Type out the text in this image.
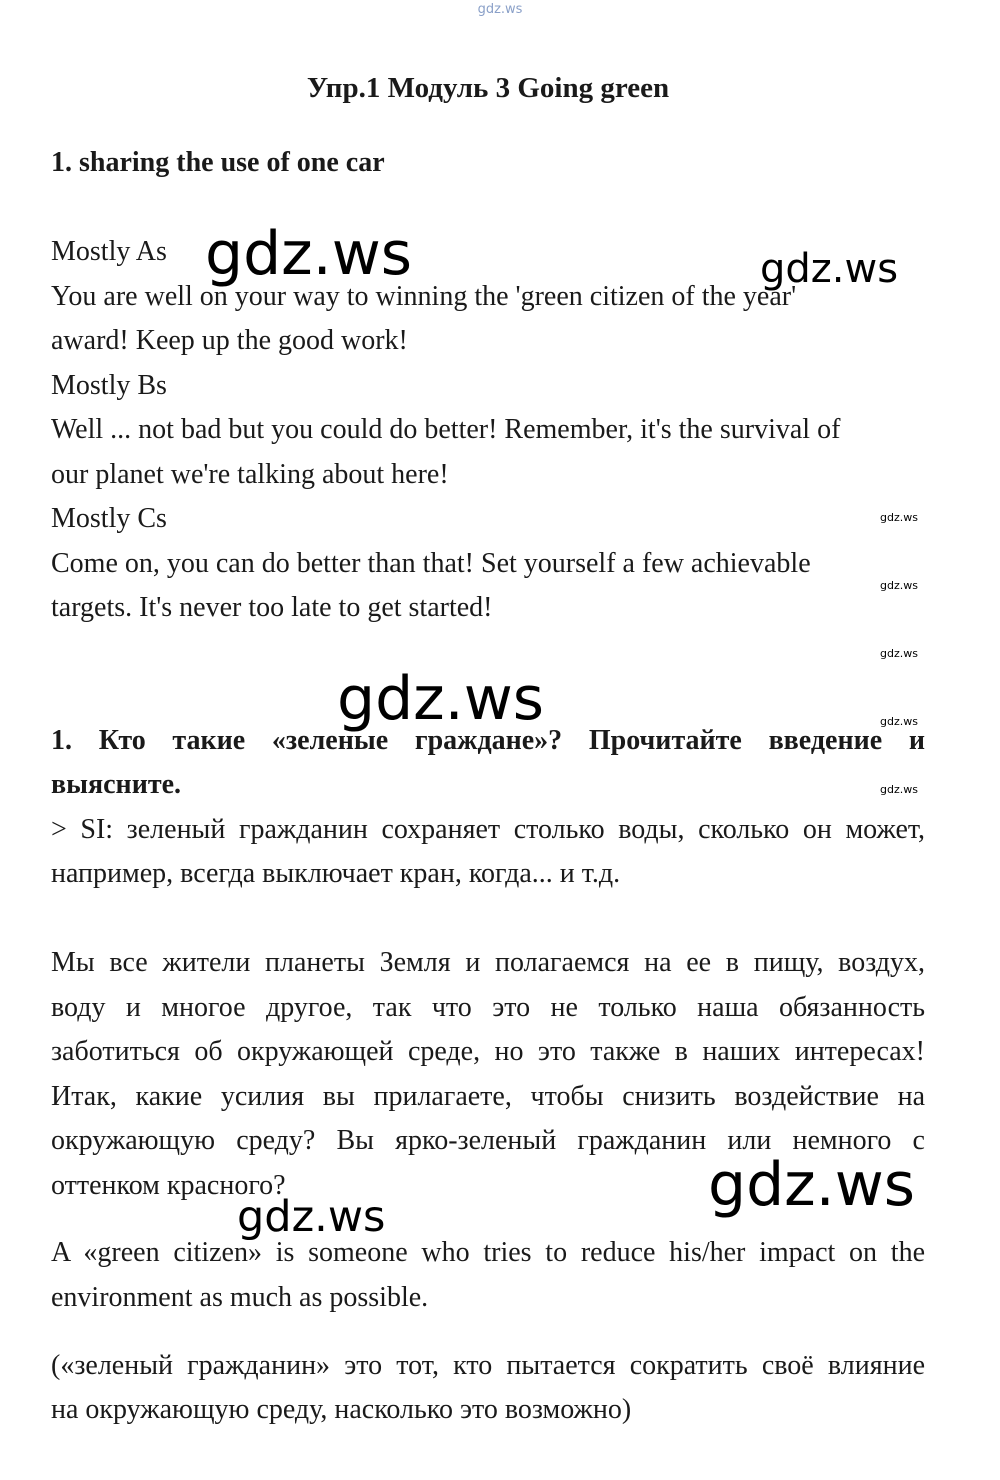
gdz.ws
Упр.1 Модуль 3 Going green
1. sharing the use of one car
Mostly As
You are well on your way to winning the 'green citizen of the year'
award! Keep up the good work!
Mostly Bs
Well ... not bad but you could do better! Remember, it's the survival of
our planet we're talking about here!
Mostly Cs
Come on, you can do better than that! Set yourself a few achievable
targets. It's never too late to get started!
1. Кто такие «зеленые граждане»? Прочитайте введение и
выясните.
> SI: зеленый гражданин сохраняет столько воды, сколько он может,
например, всегда выключает кран, когда... и т.д.
Мы все жители планеты Земля и полагаемся на ее в пищу, воздух,
воду и многое другое, так что это не только наша обязанность
заботиться об окружающей среде, но это также в наших интересах!
Итак, какие усилия вы прилагаете, чтобы снизить воздействие на
окружающую среду? Вы ярко-зеленый гражданин или немного с
оттенком красного?
A «green citizen» is someone who tries to reduce his/her impact on the
environment as much as possible.
(«зеленый гражданин» это тот, кто пытается сократить своё влияние
на окружающую среду, насколько это возможно)
gdz.ws	gdz.ws
gdz.ws
gdz.ws
gdz.ws
gdz.ws
gdz.ws
gdz.ws
gdz.ws
gdz.ws
